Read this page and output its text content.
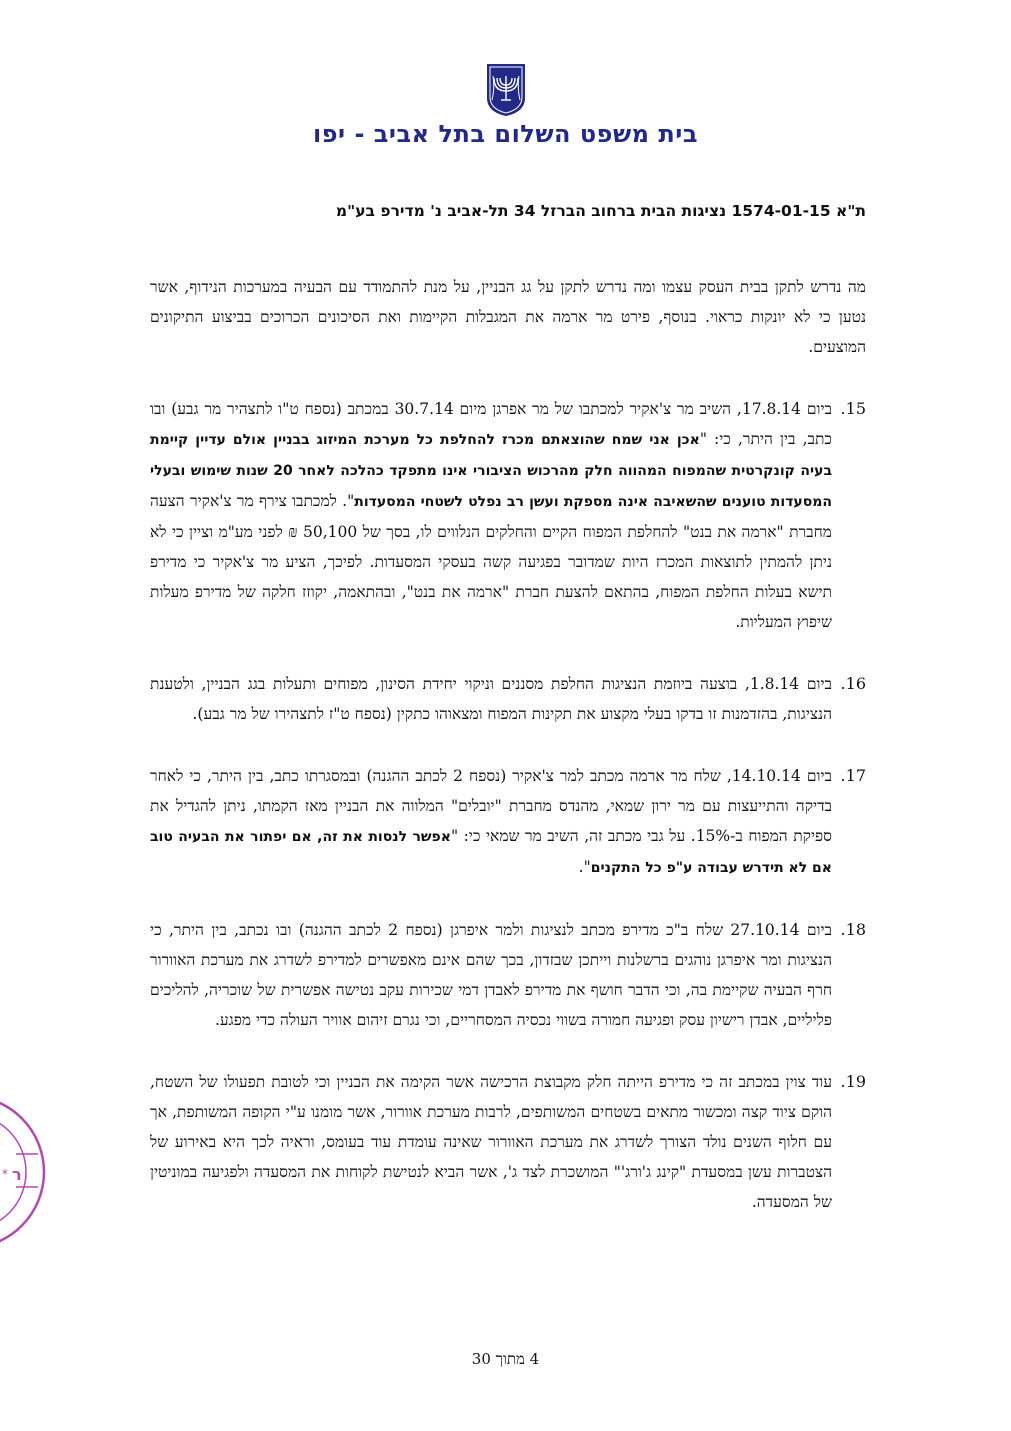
בית משפט השלום בתל אביב - יפו
ת"א 1574-01-15 נציגות הבית ברחוב הברזל 34 תל-אביב נ' מדירפ בע"מ

מה נדרש לתקן בבית העסק עצמו ומה נדרש לתקן על גג הבניין, על מנת להתמודד עם הבעיה במערכות הנידוף, אשר נטען כי לא יונקות כראוי. בנוסף, פירט מר ארמה את המגבלות הקיימות ואת הסיכונים הכרוכים בביצוע התיקונים המוצעים.

15.
ביום 17.8.14, השיב מר צ'אקיר למכתבו של מר אפרגן מיום 30.7.14 במכתב (נספח ט"ו לתצהיר מר גבע) ובו כתב, בין היתר, כי: "אכן אני שמח שהוצאתם מכרז להחלפת כל מערכת המיזוג בבניין אולם עדיין קיימת בעיה קונקרטית שהמפוח המהווה חלק מהרכוש הציבורי אינו מתפקד כהלכה לאחר 20 שנות שימוש ובעלי המסעדות טוענים שהשאיבה אינה מספקת ועשן רב נפלט לשטחי המסעדות". למכתבו צירף מר צ'אקיר הצעה מחברת "ארמה את בנט" להחלפת המפוח הקיים והחלקים הנלווים לו, בסך של 50,100 ₪ לפני מע"מ וציין כי לא ניתן להמתין לתוצאות המכרז היות שמדובר בפגיעה קשה בעסקי המסעדות. לפיכך, הציע מר צ'אקיר כי מדירפ תישא בעלות החלפת המפוח, בהתאם להצעת חברת "ארמה את בנט", ובהתאמה, יקוזז חלקה של מדירפ מעלות שיפוץ המעליות.

16.
ביום 1.8.14, בוצעה ביוזמת הנציגות החלפת מסננים וניקוי יחידת הסינון, מפוחים ותעלות בגג הבניין, ולטענת הנציגות, בהזדמנות זו בדקו בעלי מקצוע את תקינות המפוח ומצאוהו כתקין (נספח ט"ז לתצהירו של מר גבע).

17.
ביום 14.10.14, שלח מר ארמה מכתב למר צ'אקיר (נספח 2 לכתב ההגנה) ובמסגרתו כתב, בין היתר, כי לאחר בדיקה והתייעצות עם מר ירון שמאי, מהנדס מחברת "יובלים" המלווה את הבניין מאז הקמתו, ניתן להגדיל את ספיקת המפוח ב-15%. על גבי מכתב זה, השיב מר שמאי כי: "אפשר לנסות את זה, אם יפתור את הבעיה טוב אם לא תידרש עבודה ע"פ כל התקנים".

18.
ביום 27.10.14 שלח ב"כ מדירפ מכתב לנציגות ולמר איפרגן (נספח 2 לכתב ההגנה) ובו נכתב, בין היתר, כי הנציגות ומר איפרגן נוהגים ברשלנות וייתכן שבזדון, בכך שהם אינם מאפשרים למדירפ לשדרג את מערכת האוורור חרף הבעיה שקיימת בה, וכי הדבר חושף את מדירפ לאבדן דמי שכירות עקב נטישה אפשרית של שוכריה, להליכים פליליים, אבדן רישיון עסק ופגיעה חמורה בשווי נכסיה המסחריים, וכי נגרם זיהום אוויר העולה כדי מפגע.

19.
עוד צוין במכתב זה כי מדירפ הייתה חלק מקבוצת הרכישה אשר הקימה את הבניין וכי לטובת תפעולו של השטח, הוקם ציוד קצה ומכשור מתאים בשטחים המשותפים, לרבות מערכת אוורור, אשר מומנו ע"י הקופה המשותפת, אך עם חלוף השנים נולד הצורך לשדרג את מערכת האוורור שאינה עומדת עוד בעומס, וראיה לכך היא באירוע של הצטברות עשן במסעדת "קינג ג'ורג'" המושכרת לצד ג', אשר הביא לנטישת לקוחות את המסעדה ולפגיעה במוניטין של המסעדה.

ר
*
4 מתוך 30
